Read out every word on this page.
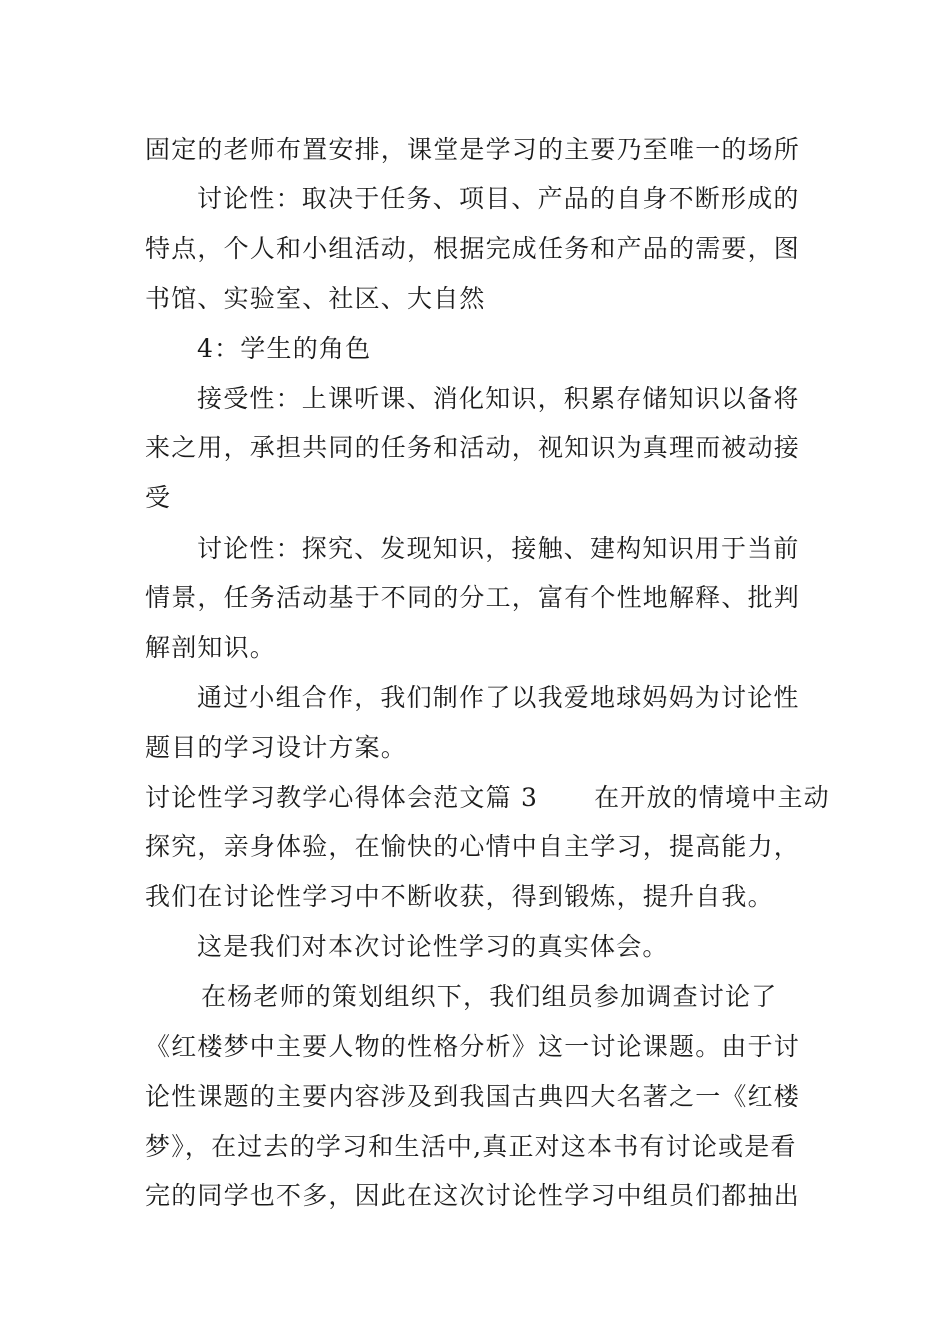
固定的老师布置安排，课堂是学习的主要乃至唯一的场所
讨论性：取决于任务、项目、产品的自身不断形成的
特点，个人和小组活动，根据完成任务和产品的需要，图
书馆、实验室、社区、大自然
4：学生的角色
接受性：上课听课、消化知识，积累存储知识以备将
来之用，承担共同的任务和活动，视知识为真理而被动接
受
讨论性：探究、发现知识，接触、建构知识用于当前
情景，任务活动基于不同的分工，富有个性地解释、批判
解剖知识。
通过小组合作，我们制作了以我爱地球妈妈为讨论性
题目的学习设计方案。
讨论性学习教学心得体会范文篇 3 在开放的情境中主动
探究，亲身体验，在愉快的心情中自主学习，提高能力，
我们在讨论性学习中不断收获，得到锻炼，提升自我。
这是我们对本次讨论性学习的真实体会。
在杨老师的策划组织下，我们组员参加调查讨论了
《红楼梦中主要人物的性格分析》这一讨论课题。由于讨
论性课题的主要内容涉及到我国古典四大名著之一《红楼
梦》，在过去的学习和生活中,真正对这本书有讨论或是看
完的同学也不多，因此在这次讨论性学习中组员们都抽出
